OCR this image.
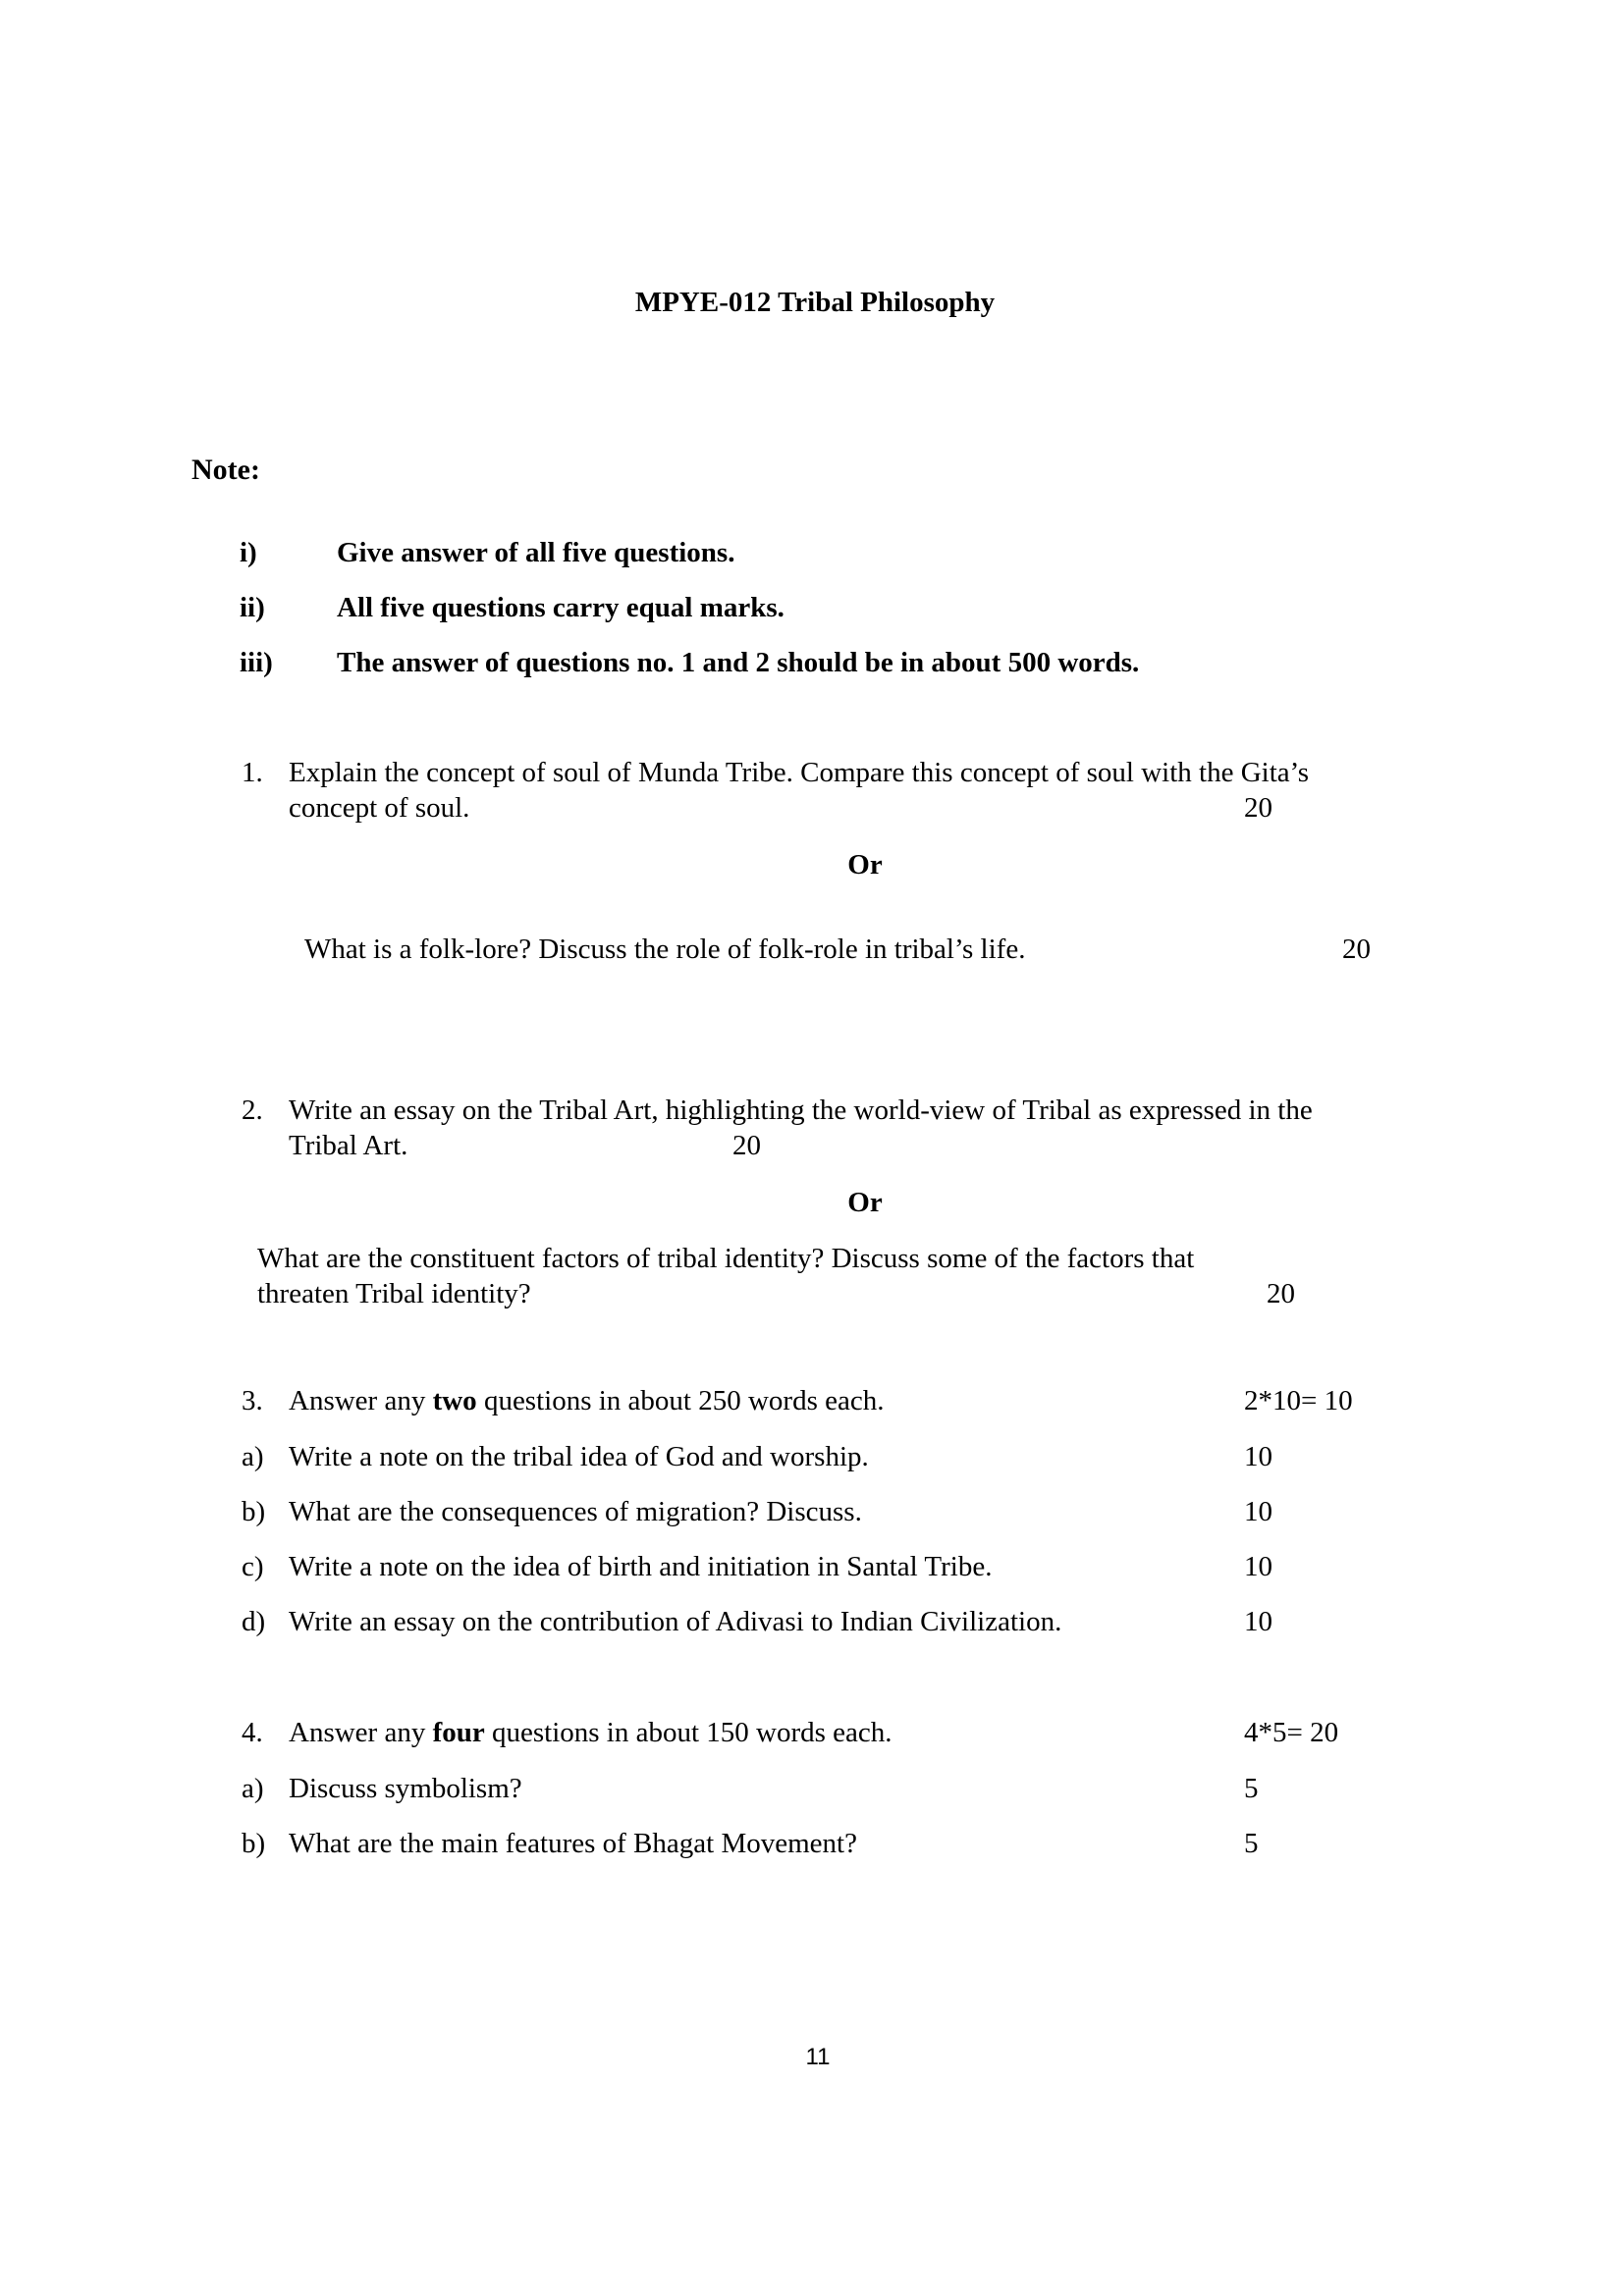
MPYE-012 Tribal Philosophy
Note:
i)	Give answer of all five questions.
ii)	All five questions carry equal marks.
iii) The answer of questions no. 1 and 2 should be in about 500 words.
1. Explain the concept of soul of Munda Tribe. Compare this concept of soul with the Gita’s
concept of soul.	20
Or
What is a folk-lore? Discuss the role of folk-role in tribal’s life.	20
2. Write an essay on the Tribal Art, highlighting the world-view of Tribal as expressed in the
Tribal Art.	20
Or
What are the constituent factors of tribal identity? Discuss some of the factors that
threaten Tribal identity?	20
3. Answer any two questions in about 250 words each.	2*10= 10
a) Write a note on the tribal idea of God and worship.	10
b) What are the consequences of migration? Discuss.	10
c) Write a note on the idea of birth and initiation in Santal Tribe.	10
d) Write an essay on the contribution of Adivasi to Indian Civilization.	10
4. Answer any four questions in about 150 words each.	4*5= 20
a) Discuss symbolism?	5
b) What are the main features of Bhagat Movement?	5
11
